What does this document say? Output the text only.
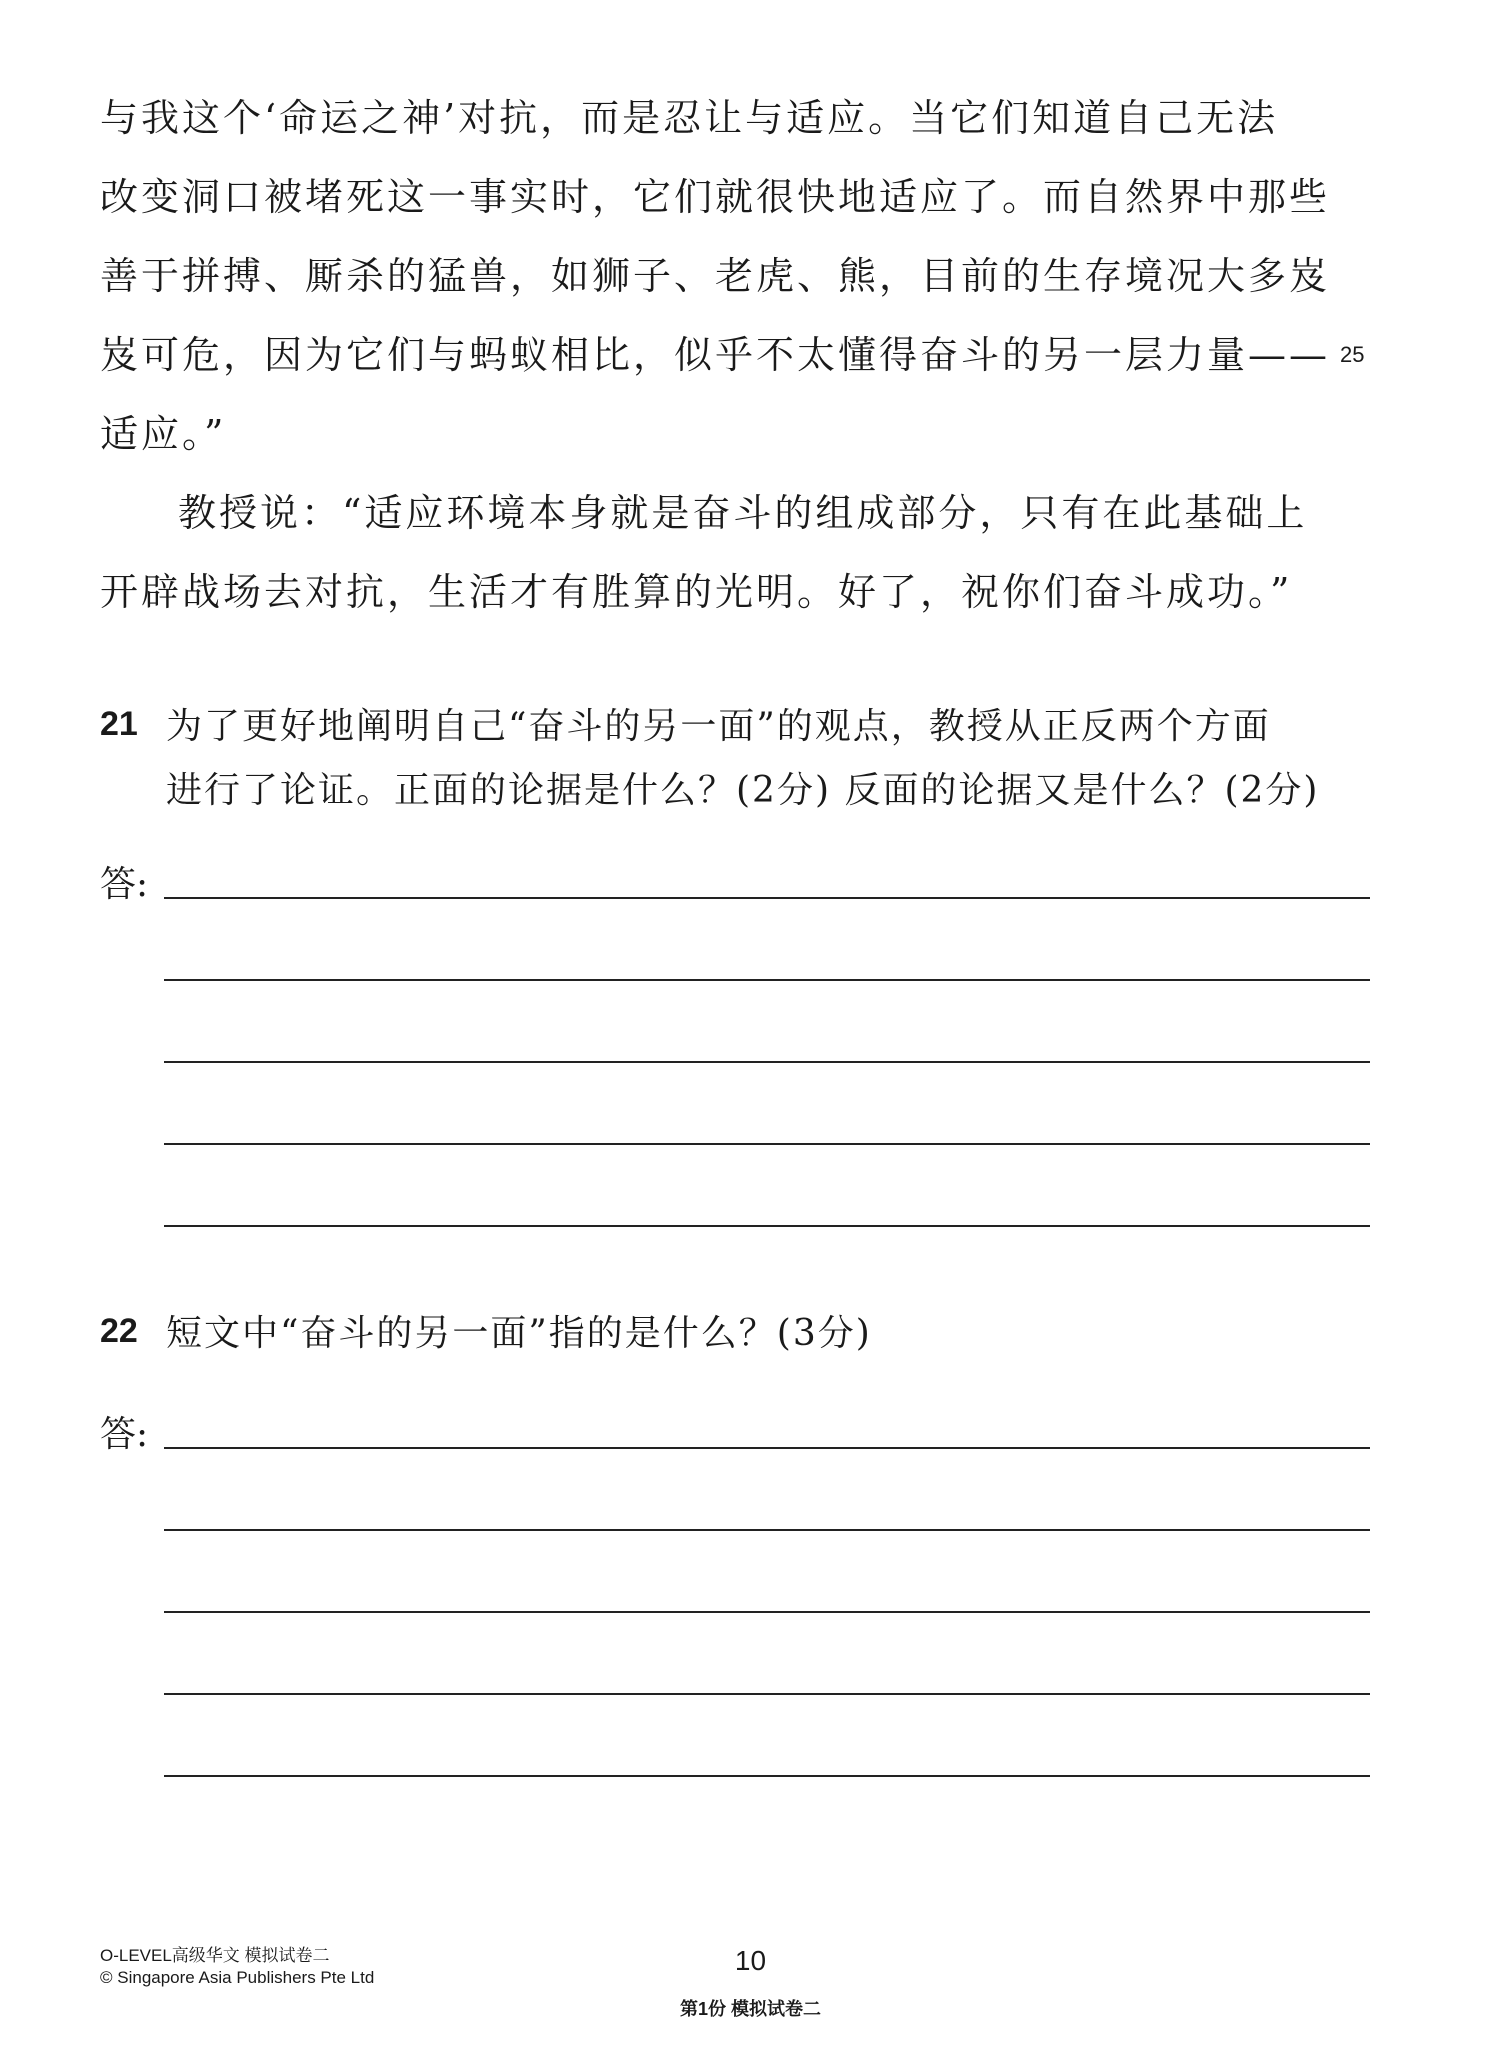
与我这个‘命运之神’对抗，而是忍让与适应。当它们知道自己无法
改变洞口被堵死这一事实时，它们就很快地适应了。而自然界中那些
善于拼搏、厮杀的猛兽，如狮子、老虎、熊，目前的生存境况大多岌
岌可危，因为它们与蚂蚁相比，似乎不太懂得奋斗的另一层力量——
适应。”
教授说：“适应环境本身就是奋斗的组成部分，只有在此基础上
开辟战场去对抗，生活才有胜算的光明。好了，祝你们奋斗成功。”
25
21 为了更好地阐明自己“奋斗的另一面”的观点，教授从正反两个方面
进行了论证。正面的论据是什么？(2分) 反面的论据又是什么？(2分)
答:
22 短文中“奋斗的另一面”指的是什么？(3分)
答:
O-LEVEL高级华文 模拟试卷二
© Singapore Asia Publishers Pte Ltd
10
第1份 模拟试卷二
